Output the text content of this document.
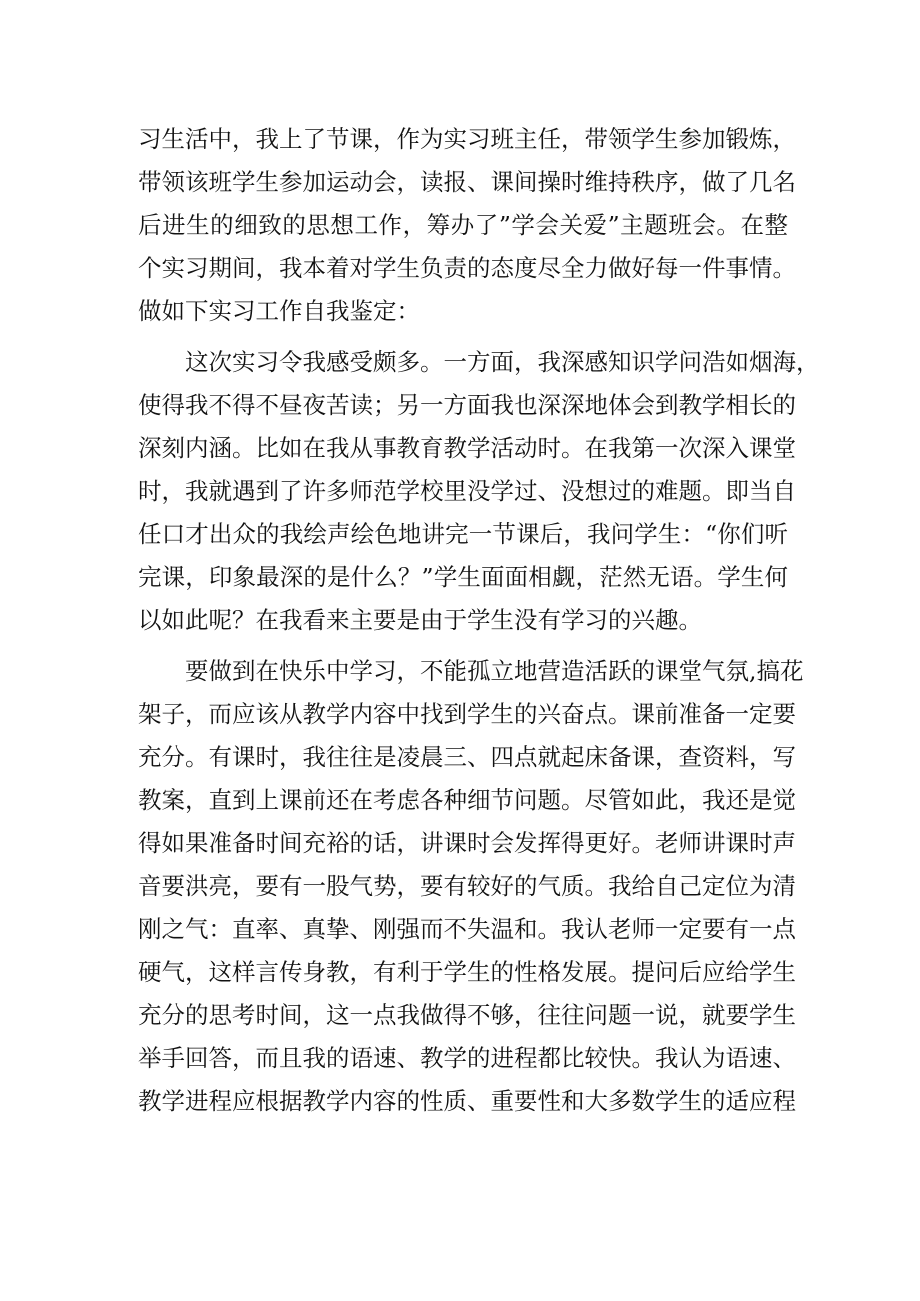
习生活中，我上了节课，作为实习班主任，带领学生参加锻炼，
带领该班学生参加运动会，读报、课间操时维持秩序，做了几名
后进生的细致的思想工作，筹办了”学会关爱”主题班会。在整
个实习期间，我本着对学生负责的态度尽全力做好每一件事情。
做如下实习工作自我鉴定：
　　这次实习令我感受颇多。一方面，我深感知识学问浩如烟海，
使得我不得不昼夜苦读；另一方面我也深深地体会到教学相长的
深刻内涵。比如在我从事教育教学活动时。在我第一次深入课堂
时，我就遇到了许多师范学校里没学过、没想过的难题。即当自
任口才出众的我绘声绘色地讲完一节课后，我问学生：“你们听
完课，印象最深的是什么？”学生面面相觑，茫然无语。学生何
以如此呢？在我看来主要是由于学生没有学习的兴趣。
　　要做到在快乐中学习，不能孤立地营造活跃的课堂气氛,搞花
架子，而应该从教学内容中找到学生的兴奋点。课前准备一定要
充分。有课时，我往往是凌晨三、四点就起床备课，查资料，写
教案，直到上课前还在考虑各种细节问题。尽管如此，我还是觉
得如果准备时间充裕的话，讲课时会发挥得更好。老师讲课时声
音要洪亮，要有一股气势，要有较好的气质。我给自己定位为清
刚之气：直率、真挚、刚强而不失温和。我认老师一定要有一点
硬气，这样言传身教，有利于学生的性格发展。提问后应给学生
充分的思考时间，这一点我做得不够，往往问题一说，就要学生
举手回答，而且我的语速、教学的进程都比较快。我认为语速、
教学进程应根据教学内容的性质、重要性和大多数学生的适应程
